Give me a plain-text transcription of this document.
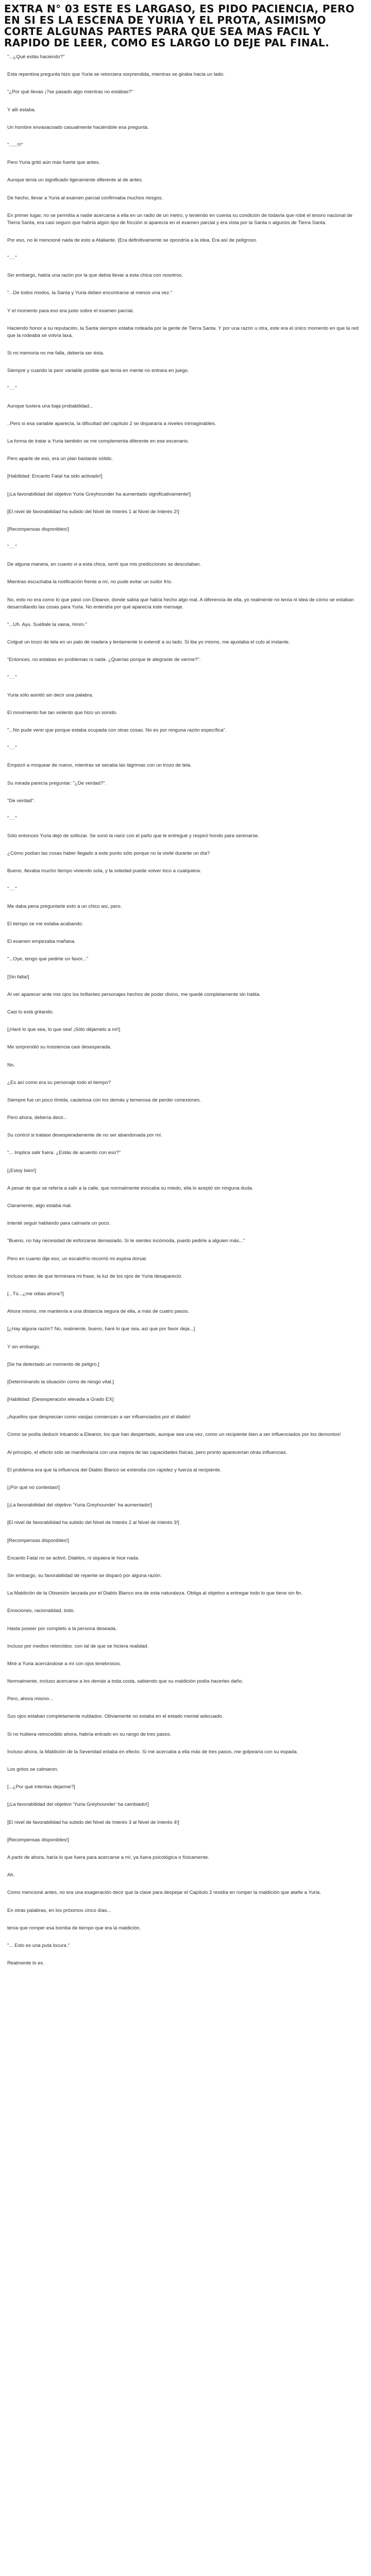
EXTRA N° 03 ESTE ES LARGASO, ES PIDO PACIENCIA, PERO EN SI ES LA ESCENA DE YURIA Y EL PROTA, ASIMISMO CORTE ALGUNAS PARTES PARA QUE SEA MAS FACIL Y RAPIDO DE LEER, COMO ES LARGO LO DEJE PAL FINAL.

"...¿Qué estás haciendo?"

Esta repentina pregunta hizo que Yuria se retorciera sorprendida, mientras se giraba hacia un lado.

"¿Por qué llevas ¡?se pasado algo mientras no estabas?"

Y allí estaba.

Un hombre envasacoado casualmente haciéndole esa pregunta.

"......!!!"

Pero Yuria gritó aún más fuerte que antes.

Aunque tenía un significado ligeramente diferente al de antes.

De hecho, llevar a Yuria al examen parcial confirmaba muchos riesgos.

En primer lugar, no se permitía a nadie acercarse a ella en un radio de un metro, y teniendo en cuenta su condición de todavía que robé el tesoro nacional de Tierra Santa, era casi seguro que habría algún tipo de fricción si aparecía en el examen parcial y era vista por la Santa o algunos de Tierra Santa.

Por eso, no le mencioné nada de esto a Ataliante. (Era definitivamente se opondría a la idea. Era así de peligroso.

"..."

Sin embargo, había una razón por la que debía llevar a esta chica con nosotros.

"...De todos modos, la Santa y Yuria deben encontrarse al menos una vez."

Y el momento para eso era justo sobre el examen parcial.

Haciendo honor a su reputación, la Santa siempre estaba rodeada por la gente de Tierra Santa. Y por una razón u otra, este era el único momento en que la red que la rodeaba se volvía laxa.

Si mi memoria no me falla, debería ser ésta.

Siempre y cuando la peor variable posible que tenía en mente no entrara en juego.

"..."

Aunque tuviera una baja probabilidad...

..Pero si esa variable aparecía, la dificultad del capítulo 2 se dispararía a niveles inimaginables.

La forma de tratar a Yuria también se me complementa diferente en ese escenario.

Pero aparte de eso, era un plan bastante sólido.

[Habilidad: Encanto Fatal ha sido activado!]

[¡La favorabilidad del objetivo Yuria Greyhounder ha aumentado significativamente!]

[El nivel de favorabilidad ha subido del Nivel de Interés 1 al Nivel de Interés 2!]

[Recompensas disponibles!]

"..."

De alguna manera, en cuanto vi a esta chica, sentí que mis predicciones se descolaban.

Mientras escuchaba la notificación frente a mí, no pude evitar un sudor frío.

No, esto no era como lo que pasó con Eleanor, donde sabía que había hecho algo mal. A diferencia de ella, yo realmente no tenía ni idea de cómo se estaban desarrollando las cosas para Yuria. No entendía por qué aparecía este mensaje.

"...Uh. Ayu. Suéltale la vaina, Hmm."

Colgué un trozo de tela en un palo de madera y lentamente lo extendí a su lado. Si iba yo mismo, me ajustaba el culo al instante.

"Entonces, no estabas en problemas ni nada. ¿Querías porque te alegraste de verme?".

"..."

Yuria sólo asintió sin decir una palabra.

El movimiento fue tan violento que hizo un sonido.

"...No pude venir que porque estaba ocupada con otras cosas. No es por ninguna razón específica".

"..."

Empezó a moquear de nuevo, mientras se secaba las lágrimas con un trozo de tela.

Su mirada parecía preguntar: "¿De verdad?".

"De verdad".

"..."

Sólo entonces Yuria dejó de sollozar. Se sonó la nariz con el paño que le entregué y respiró hondo para serenarse.

¿Cómo podían las cosas haber llegado a este punto sólo porque no la visité durante un día?

Bueno, llevaba mucho tiempo viviendo sola, y la soledad puede volver loco a cualquiera.

"..."

Me daba pena preguntarle esto a un chico así, pero.

El tiempo se me estaba acabando.

El examen empezaba mañana.

"...Oye, tengo que pedirte un favor..."

[Sin falta!]

Al ver aparecer ante mis ojos los brillantes personajes hechos de poder divino, me quedé completamente sin habla.

Casi lo está gritando.

[¡Haré lo que sea, lo que sea! ¡Sólo déjamelo a mí!]

Me sorprendió su insistencia casi desesperada.

No.

¿Es así como era su personaje todo el tiempo?

Siempre fue un poco tímida, cautelosa con los demás y temerosa de perder conexiones.

Pero ahora, debería decir...

Su control si tratase desesperadamente de no ser abandonada por mí.

"... Implica salir fuera. ¿Estás de acuerdo con eso?"

[¡Estoy bien!]

A pesar de que se refería a salir a la calle, que normalmente evocaba su miedo, ella lo aceptó sin ninguna duda.

Claramente, algo estaba mal.

Intenté seguir hablando para calmarla un poco.

"Bueno, no hay necesidad de esforzarse demasiado. Si te sientes incómoda, puedo pedirle a alguien más..."

Pero en cuanto dije eso, un escalofrío recorrió mi espina dorsal.

Incluso antes de que terminara mi frase, la luz de los ojos de Yuria desapareció.

[...Tú...¿me odias ahora?]

Ahora mismo, me mantenía a una distancia segura de ella, a más de cuatro pasos.

[¿Hay alguna razón? No, realmente, bueno, haré lo que sea, así que por favor deja...]

Y sin embargo.

[Se ha detectado un momento de peligro.]

[Determinando la situación como de riesgo vital.]

[Habilidad: [Desesperación elevada a Grado EX]

¡Aquellos que desprecian como vasijas comienzan a ser influenciados por el diablo!

Como se podía deducir intuando a Eleanor, los que han despertado, aunque sea una vez, como un recipiente bien a ser influenciados por los demonios!

Al principio, el efecto sólo se manifestaría con una mejora de las capacidades físicas, pero pronto aparecerían otras influencias.

El problema era que la influencia del Diablo Blanco se extendía con rapidez y fuerza al recipiente.

[¡Por qué no contestas!]

[¡La favorabilidad del objetivo 'Yuria Greyhounder' ha aumentado!]

[El nivel de favorabilidad ha subido del Nivel de Interés 2 al Nivel de Interés 3!]

[Recompensas disponibles!]

Encanto Fatal no se activó. Diablos, ni siquiera le hice nada.

Sin embargo, su favorabilidad de repente se disparó por alguna razón.

La Maldición de la Obsesión lanzada por el Diablo Blanco era de esta naturaleza. Obliga al objetivo a entregar todo lo que tiene sin fin.

Emociones, racionalidad, todo.

Hasta poseer por completo a la persona deseada.

Incluso por medios retorcidos. con tal de que se hiciera realidad.

Miré a Yuria acercándose a mí con ojos tenebrosos.

Normalmente, incluso acercarse a los demás a toda costa, sabiendo que su maldición podía hacerles daño.

Pero, ahora mismo...

Sus ojos estaban completamente nublados. Obviamente no estaba en el estado mental adecuado.

Si no hubiera retrocedido ahora, habría entrado en su rango de tres pasos.

Incluso ahora, la Maldición de la Severidad estaba en efecto. Si me acercaba a ella más de tres pasos, me golpearía con su espada.

Los gritos se calmaron.

[...¿Por qué intentas dejarme?]

[¡La favorabilidad del objetivo 'Yuria Greyhounder' ha cambiado!]

[El nivel de favorabilidad ha subido del Nivel de Interés 3 al Nivel de Interés 4!]

[Recompensas disponibles!]

A partir de ahora, haría lo que fuera para acercarse a mí, ya fuera psicológica o físicamente.

Ah.

Como mencioné antes, no era una exageración decir que la clave para despejar el Capítulo 2 residía en romper la maldición que atañe a Yuria.

En otras palabras, en los próximos cinco días...

tenía que romper esa bomba de tiempo que era la maldición.

"... Esto es una puta locura."

Realmente lo es.
